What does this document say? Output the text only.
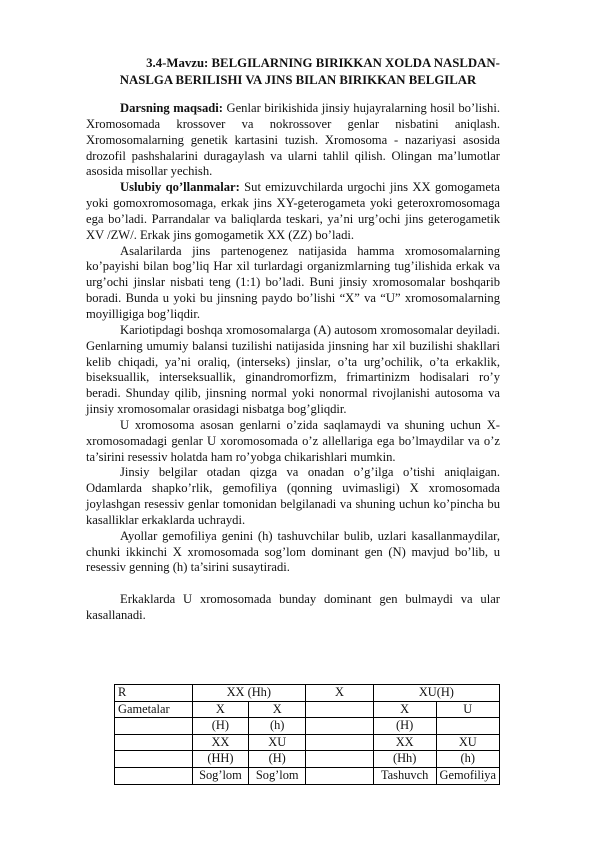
3.4-Mavzu: BELGILARNING BIRIKKAN XOLDA NASLDAN-
NASLGA BERILISHI VA JINS BILAN BIRIKKAN BELGILAR

Darsning maqsadi: Genlar birikishida jinsiy hujayralarning hosil bo’lishi. Xromosomada krossover va nokrossover genlar nisbatini aniqlash. Xromosomalarning genetik kartasini tuzish. Xromosoma - nazariyasi asosida drozofil pashshalarini duragaylash va ularni tahlil qilish. Olingan ma’lumotlar asosida misollar yechish.

Uslubiy qo’llanmalar: Sut emizuvchilarda urgochi jins XX gomogameta yoki gomoxromosomaga, erkak jins XY-geterogameta yoki geteroxromosomaga ega bo’ladi. Parrandalar va baliqlarda teskari, ya’ni urg’ochi jins geterogametik XV /ZW/. Erkak jins gomogametik XX (ZZ) bo’ladi.

Asalarilarda jins partenogenez natijasida hamma xromosomalarning ko’payishi bilan bog’liq Har xil turlardagi organizmlarning tug’ilishida erkak va urg’ochi jinslar nisbati teng (1:1) bo’ladi. Buni jinsiy xromosomalar boshqarib boradi. Bunda u yoki bu jinsning paydo bo’lishi “X” va “U” xromosomalarning moyilligiga bog’liqdir.

Kariotipdagi boshqa xromosomalarga (A) autosom xromosomalar deyiladi. Genlarning umumiy balansi tuzilishi natijasida jinsning har xil buzilishi shakllari kelib chiqadi, ya’ni oraliq, (interseks) jinslar, o’ta urg’ochilik, o’ta erkaklik, biseksuallik, interseksuallik, ginandromorfizm, frimartinizm hodisalari ro’y beradi. Shunday qilib, jinsning normal yoki nonormal rivojlanishi autosoma va jinsiy xromosomalar orasidagi nisbatga bog’gliqdir.

U xromosoma asosan genlarni o’zida saqlamaydi va shuning uchun X-xromosomadagi genlar U xoromosomada o’z allellariga ega bo’lmaydilar va o’z ta’sirini resessiv holatda ham ro’yobga chikarishlari mumkin.

Jinsiy belgilar otadan qizga va onadan o’g’ilga o’tishi aniqlaigan. Odamlarda shapko’rlik, gemofiliya (qonning uvimasligi) X xromosomada joylashgan resessiv genlar tomonidan belgilanadi va shuning uchun ko’pincha bu kasalliklar erkaklarda uchraydi.

Ayollar gemofiliya genini (h) tashuvchilar bulib, uzlari kasallanmaydilar, chunki ikkinchi X xromosomada sog’lom dominant gen (N) mavjud bo’lib, u resessiv genning (h) ta’sirini susaytiradi.

Erkaklarda U xromosomada bunday dominant gen bulmaydi va ular kasallanadi.

R	XX (Hh)		X	XU(H)	
Gametalar	X	X		X	U
	(H)	(h)		(H)	
	XX	XU		XX	XU
	(HH)	(H)		(Hh)	(h)
	Sog’lom	Sog’lom		Tashuvch	Gemofiliya
